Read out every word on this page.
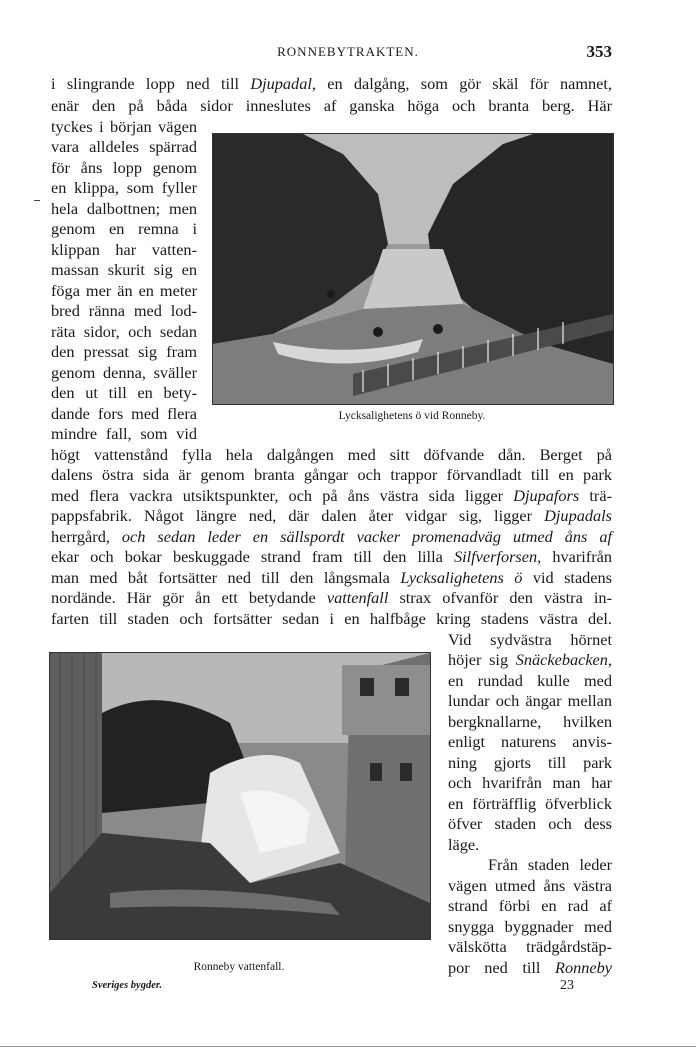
RONNEBYTRAKTEN.	353
Lycksalighetens ö vid Ronneby.
Ronneby vattenfall.
i slingrande lopp ned till Djupadal, en dalgång, som gör skäl för namnet,
enär den på båda sidor inneslutes af ganska höga och branta berg. Här
tyckes i början vägen
vara alldeles spärrad
för åns lopp genom
en klippa, som fyller
hela dalbottnen; men
genom en remna i
klippan har vatten-
massan skurit sig en
föga mer än en meter
bred ränna med lod-
räta sidor, och sedan
den pressat sig fram
genom denna, sväller
den ut till en bety-
dande fors med flera
mindre fall, som vid
högt vattenstånd fylla hela dalgången med sitt döfvande dån. Berget på
dalens östra sida är genom branta gångar och trappor förvandladt till en park
med flera vackra utsiktspunkter, och på åns västra sida ligger Djupafors trä-
pappsfabrik. Något längre ned, där dalen åter vidgar sig, ligger Djupadals
herrgård, och sedan leder en sällspordt vacker promenadväg utmed åns af
ekar och bokar beskuggade strand fram till den lilla Silfverforsen, hvarifrån
man med båt fortsätter ned till den långsmala Lycksalighetens ö vid stadens
nordände. Här gör ån ett betydande vattenfall strax ofvanför den västra in-
farten till staden och fortsätter sedan i en halfbåge kring stadens västra del.
Vid sydvästra hörnet
höjer sig Snäckebacken,
en rundad kulle med
lundar och ängar mellan
bergknallarne, hvilken
enligt naturens anvis-
ning gjorts till park
och hvarifrån man har
en förträfflig öfverblick
öfver staden och dess
läge.
Från staden leder
vägen utmed åns västra
strand förbi en rad af
snygga byggnader med
välskötta trädgårdstäp-
por ned till Ronneby
Sveriges bygder.	23
